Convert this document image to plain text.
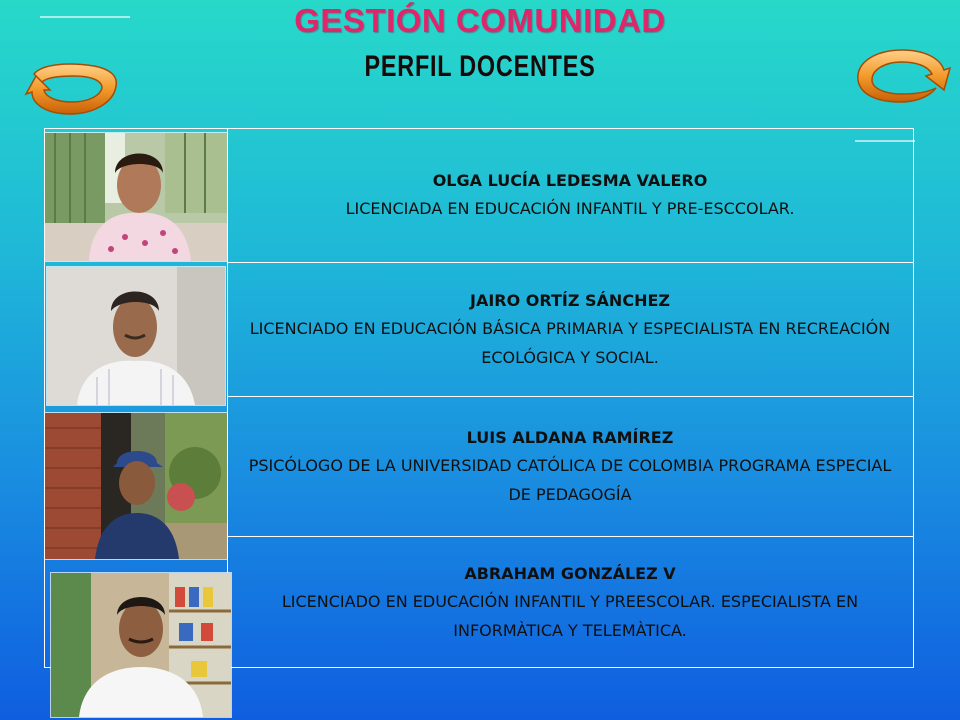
GESTIÓN COMUNIDAD
PERFIL DOCENTES
OLGA LUCÍA LEDESMA VALERO
LICENCIADA EN EDUCACIÓN INFANTIL Y PRE-ESCCOLAR.
JAIRO ORTÍZ SÁNCHEZ
LICENCIADO EN EDUCACIÓN BÁSICA PRIMARIA Y ESPECIALISTA EN RECREACIÓN ECOLÓGICA Y SOCIAL.
LUIS ALDANA RAMÍREZ
PSICÓLOGO DE LA UNIVERSIDAD CATÓLICA DE COLOMBIA PROGRAMA ESPECIAL DE PEDAGOGÍA
ABRAHAM GONZÁLEZ V
LICENCIADO EN EDUCACIÓN INFANTIL Y PREESCOLAR. ESPECIALISTA EN INFORMÀTICA Y TELEMÀTICA.
